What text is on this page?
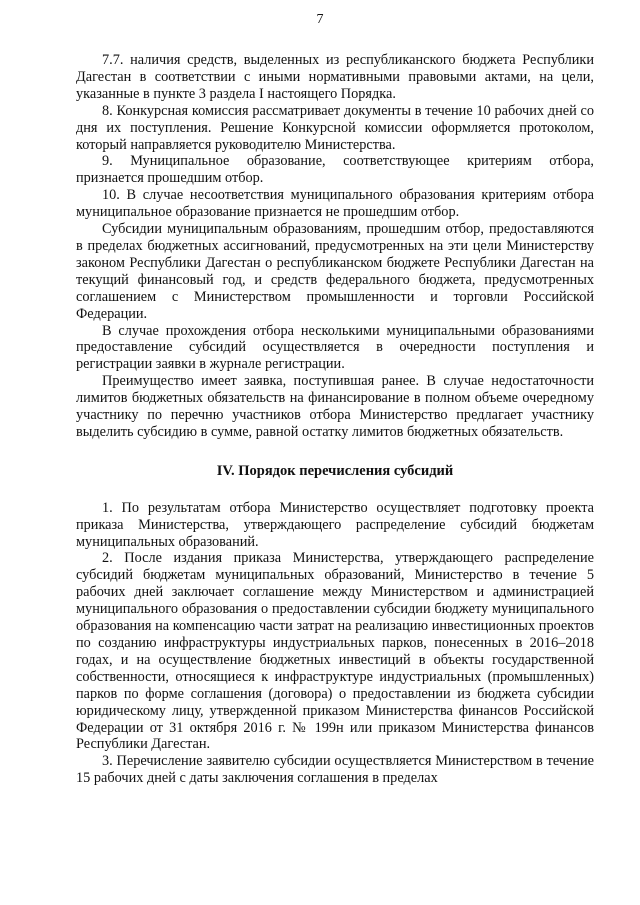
7

7.7. наличия средств, выделенных из республиканского бюджета Республики Дагестан в соответствии с иными нормативными правовыми актами, на цели, указанные в пункте 3 раздела I настоящего Порядка.

8. Конкурсная комиссия рассматривает документы в течение 10 рабочих дней со дня их поступления. Решение Конкурсной комиссии оформляется протоколом, который направляется руководителю Министерства.

9. Муниципальное образование, соответствующее критериям отбора, признается прошедшим отбор.

10. В случае несоответствия муниципального образования критериям отбора муниципальное образование признается не прошедшим отбор.

Субсидии муниципальным образованиям, прошедшим отбор, предоставляются в пределах бюджетных ассигнований, предусмотренных на эти цели Министерству законом Республики Дагестан о республиканском бюджете Республики Дагестан на текущий финансовый год, и средств федерального бюджета, предусмотренных соглашением с Министерством промышленности и торговли Российской Федерации.

В случае прохождения отбора несколькими муниципальными образованиями предоставление субсидий осуществляется в очередности поступления и регистрации заявки в журнале регистрации.

Преимущество имеет заявка, поступившая ранее. В случае недостаточности лимитов бюджетных обязательств на финансирование в полном объеме очередному участнику по перечню участников отбора Министерство предлагает участнику выделить субсидию в сумме, равной остатку лимитов бюджетных обязательств.

IV. Порядок перечисления субсидий

1. По результатам отбора Министерство осуществляет подготовку проекта приказа Министерства, утверждающего распределение субсидий бюджетам муниципальных образований.

2. После издания приказа Министерства, утверждающего распределение субсидий бюджетам муниципальных образований, Министерство в течение 5 рабочих дней заключает соглашение между Министерством и администрацией муниципального образования о предоставлении субсидии бюджету муниципального образования на компенсацию части затрат на реализацию инвестиционных проектов по созданию инфраструктуры индустриальных парков, понесенных в 2016–2018 годах, и на осуществление бюджетных инвестиций в объекты государственной собственности, относящиеся к инфраструктуре индустриальных (промышленных) парков по форме соглашения (договора) о предоставлении из бюджета субсидии юридическому лицу, утвержденной приказом Министерства финансов Российской Федерации от 31 октября 2016 г. № 199н или приказом Министерства финансов Республики Дагестан.

3. Перечисление заявителю субсидии осуществляется Министерством в течение 15 рабочих дней с даты заключения соглашения в пределах
